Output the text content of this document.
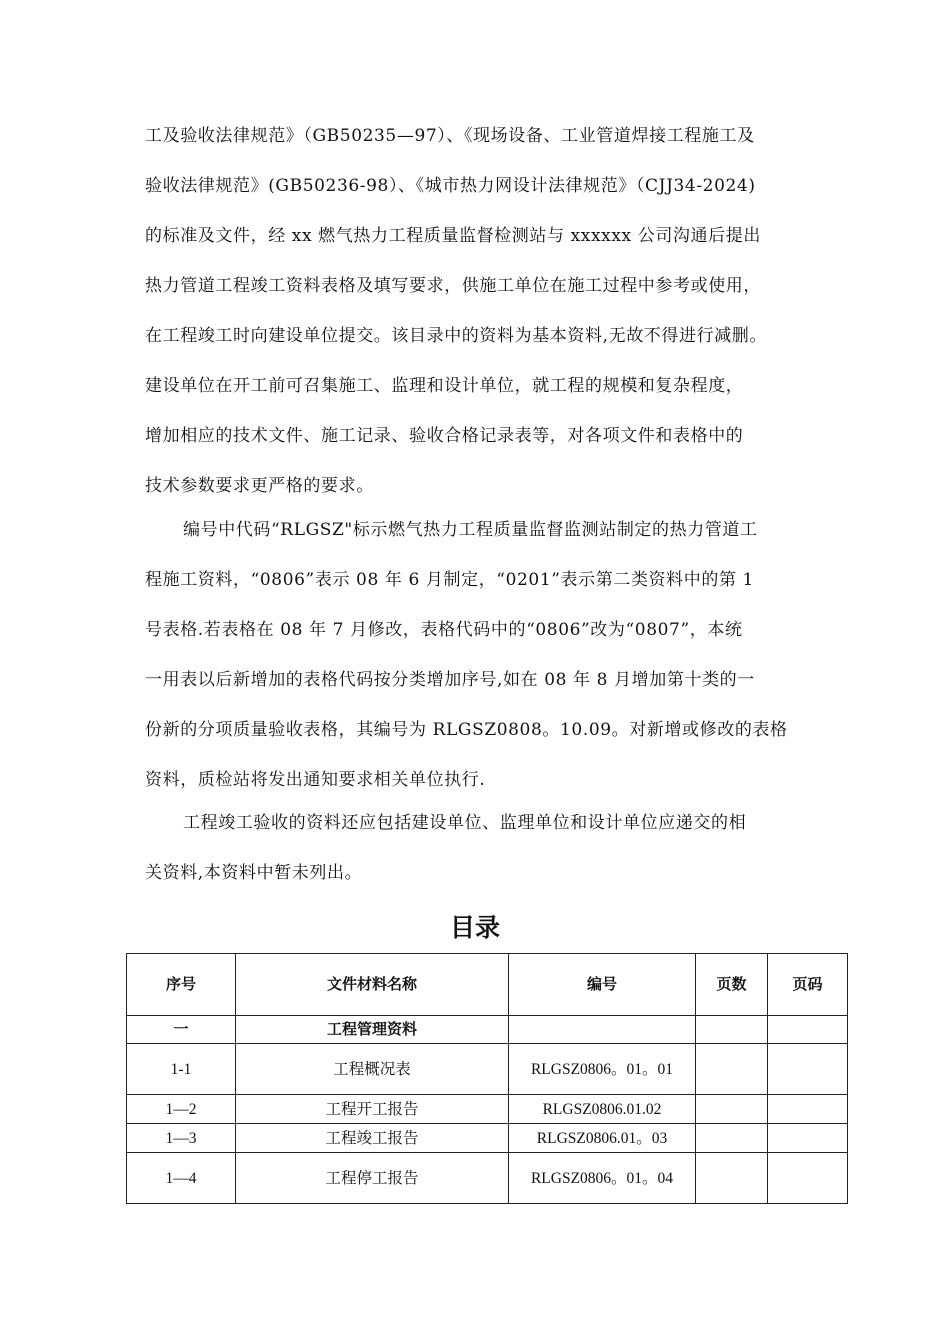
工及验收法律规范》（GB50235—97）、《现场设备、工业管道焊接工程施工及
验收法律规范》(GB50236-98）、《城市热力网设计法律规范》（CJJ34-2024)
的标准及文件，经 xx 燃气热力工程质量监督检测站与 xxxxxx 公司沟通后提出
热力管道工程竣工资料表格及填写要求，供施工单位在施工过程中参考或使用，
在工程竣工时向建设单位提交。该目录中的资料为基本资料,无故不得进行减删。
建设单位在开工前可召集施工、监理和设计单位，就工程的规模和复杂程度，
增加相应的技术文件、施工记录、验收合格记录表等，对各项文件和表格中的
技术参数要求更严格的要求。
编号中代码“RLGSZ"标示燃气热力工程质量监督监测站制定的热力管道工
程施工资料，“0806”表示 08 年 6 月制定，“0201”表示第二类资料中的第 1
号表格.若表格在 08 年 7 月修改，表格代码中的“0806”改为“0807”，本统
一用表以后新增加的表格代码按分类增加序号,如在 08 年 8 月增加第十类的一
份新的分项质量验收表格，其编号为 RLGSZ0808。10.09。对新增或修改的表格
资料，质检站将发出通知要求相关单位执行.
工程竣工验收的资料还应包括建设单位、监理单位和设计单位应递交的相
关资料,本资料中暂未列出。
目录
序号	文件材料名称	编号	页数	页码
一	工程管理资料			
1-1	工程概况表	RLGSZ0806。01。01		
1—2	工程开工报告	RLGSZ0806.01.02		
1—3	工程竣工报告	RLGSZ0806.01。03		
1—4	工程停工报告	RLGSZ0806。01。04		
